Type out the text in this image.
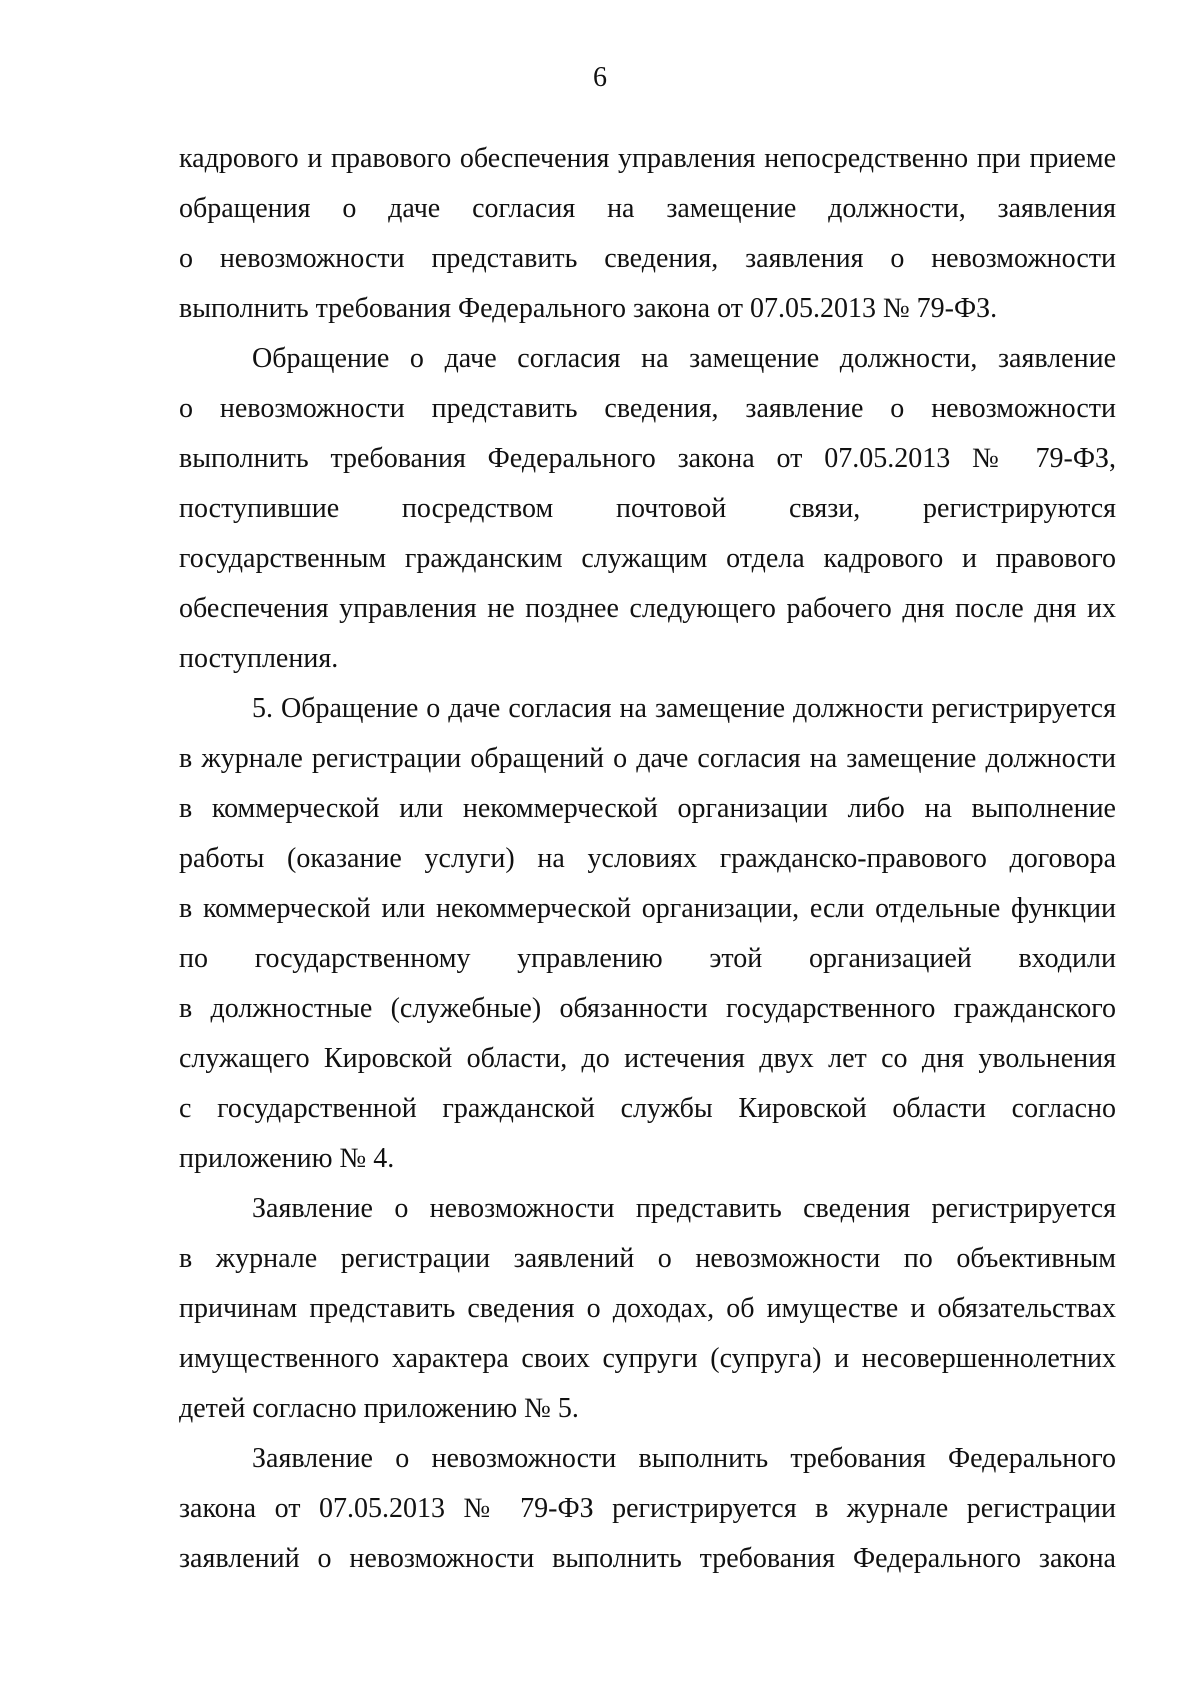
6
кадрового и правового обеспечения управления непосредственно при приеме
обращения о даче согласия на замещение должности, заявления
о невозможности представить сведения, заявления о невозможности
выполнить требования Федерального закона от 07.05.2013 № 79-ФЗ.
Обращение о даче согласия на замещение должности, заявление
о невозможности представить сведения, заявление о невозможности
выполнить требования Федерального закона от 07.05.2013 № 79-ФЗ,
поступившие посредством почтовой связи, регистрируются
государственным гражданским служащим отдела кадрового и правового
обеспечения управления не позднее следующего рабочего дня после дня их
поступления.
5. Обращение о даче согласия на замещение должности регистрируется
в журнале регистрации обращений о даче согласия на замещение должности
в коммерческой или некоммерческой организации либо на выполнение
работы (оказание услуги) на условиях гражданско-правового договора
в коммерческой или некоммерческой организации, если отдельные функции
по государственному управлению этой организацией входили
в должностные (служебные) обязанности государственного гражданского
служащего Кировской области, до истечения двух лет со дня увольнения
с государственной гражданской службы Кировской области согласно
приложению № 4.
Заявление о невозможности представить сведения регистрируется
в журнале регистрации заявлений о невозможности по объективным
причинам представить сведения о доходах, об имуществе и обязательствах
имущественного характера своих супруги (супруга) и несовершеннолетних
детей согласно приложению № 5.
Заявление о невозможности выполнить требования Федерального
закона от 07.05.2013 № 79-ФЗ регистрируется в журнале регистрации
заявлений о невозможности выполнить требования Федерального закона
